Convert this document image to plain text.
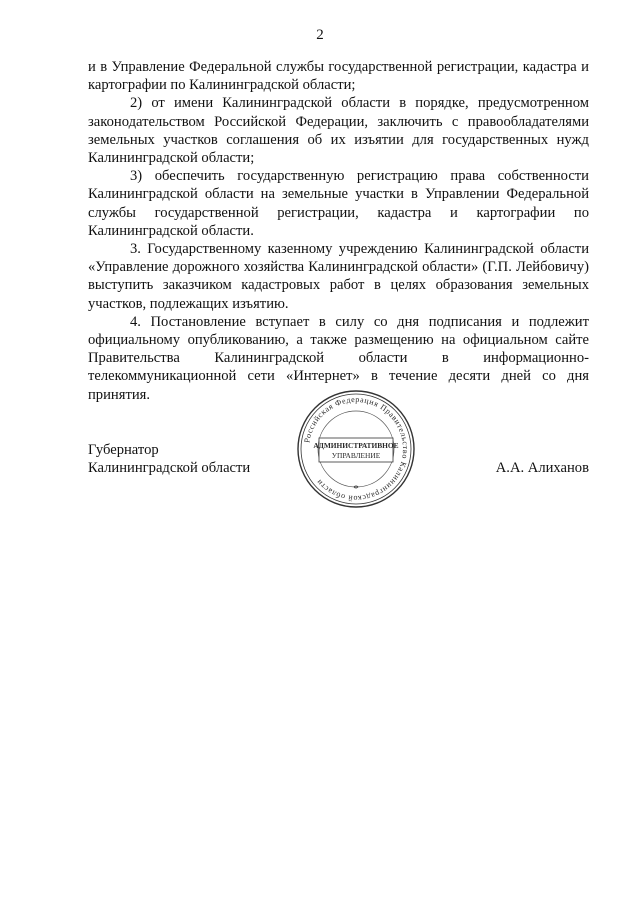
2

и в Управление Федеральной службы государственной регистрации, кадастра и картографии по Калининградской области;

2) от имени Калининградской области в порядке, предусмотренном законодательством Российской Федерации, заключить с правообладателями земельных участков соглашения об их изъятии для государственных нужд Калининградской области;

3) обеспечить государственную регистрацию права собственности Калининградской области на земельные участки в Управлении Федеральной службы государственной регистрации, кадастра и картографии по Калининградской области.

3. Государственному казенному учреждению Калининградской области «Управление дорожного хозяйства Калининградской области» (Г.П. Лейбовичу) выступить заказчиком кадастровых работ в целях образования земельных участков, подлежащих изъятию.

4. Постановление вступает в силу со дня подписания и подлежит официальному опубликованию, а также размещению на официальном сайте Правительства Калининградской области в информационно-телекоммуникационной сети «Интернет» в течение десяти дней со дня принятия.

Российская Федерация Правительство Калининградской области
АДМИНИСТРАТИВНОЕ
УПРАВЛЕНИЕ
*
Губернатор
Калининградской области	А.А. Алиханов
